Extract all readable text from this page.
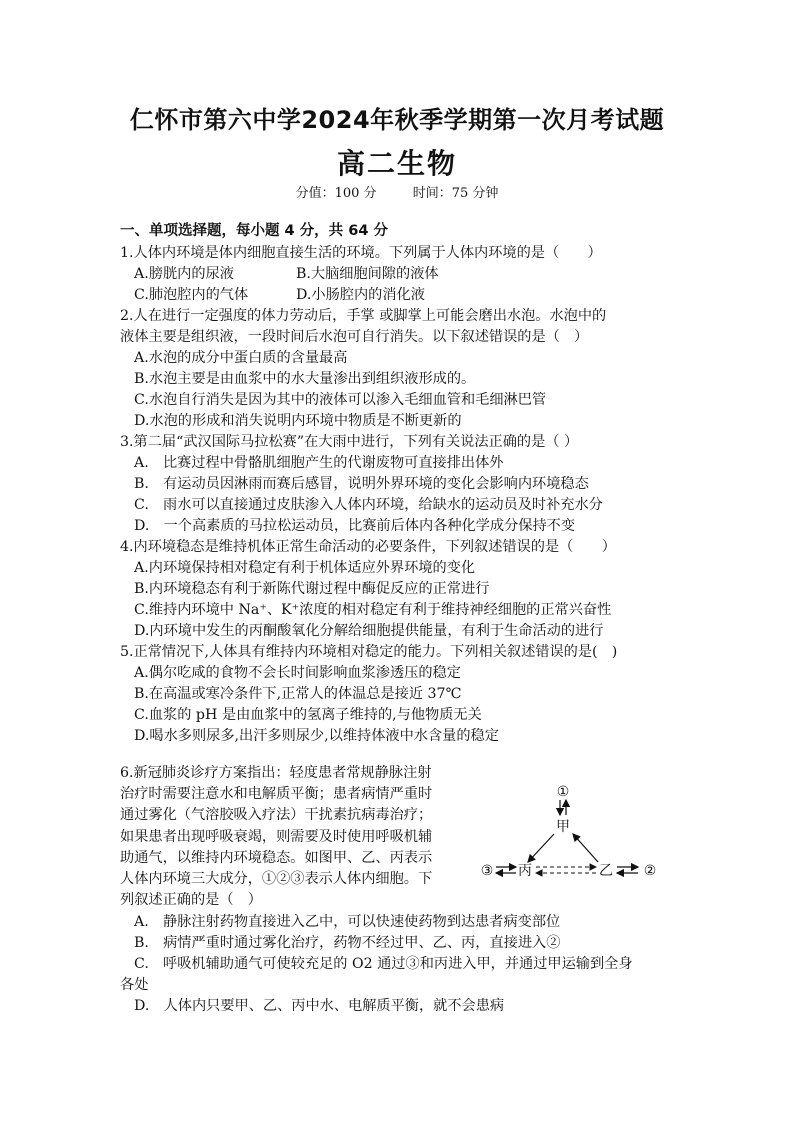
仁怀市第六中学2024年秋季学期第一次月考试题
高二生物
分值：100 分	时间：75 分钟
一、单项选择题，每小题 4 分，共 64 分
1.人体内环境是体内细胞直接生活的环境。下列属于人体内环境的是（　　）
A.膀胱内的尿液	B.大脑细胞间隙的液体
C.肺泡腔内的气体	D.小肠腔内的消化液
2.人在进行一定强度的体力劳动后，手掌 或脚掌上可能会磨出水泡。水泡中的
液体主要是组织液，一段时间后水泡可自行消失。以下叙述错误的是（　）
A.水泡的成分中蛋白质的含量最高
B.水泡主要是由血浆中的水大量渗出到组织液形成的。
C.水泡自行消失是因为其中的液体可以渗入毛细血管和毛细淋巴管
D.水泡的形成和消失说明内环境中物质是不断更新的
3.第二届“武汉国际马拉松赛”在大雨中进行，下列有关说法正确的是（ ）
A.　比赛过程中骨骼肌细胞产生的代谢废物可直接排出体外
B.　有运动员因淋雨而赛后感冒，说明外界环境的变化会影响内环境稳态
C.　雨水可以直接通过皮肤渗入人体内环境，给缺水的运动员及时补充水分
D.　一个高素质的马拉松运动员，比赛前后体内各种化学成分保持不变
4.内环境稳态是维持机体正常生命活动的必要条件，下列叙述错误的是（　　）
A.内环境保持相对稳定有利于机体适应外界环境的变化
B.内环境稳态有利于新陈代谢过程中酶促反应的正常进行
C.维持内环境中 Na⁺、K⁺浓度的相对稳定有利于维持神经细胞的正常兴奋性
D.内环境中发生的丙酮酸氧化分解给细胞提供能量，有利于生命活动的进行
5.正常情况下,人体具有维持内环境相对稳定的能力。下列相关叙述错误的是(　)
A.偶尔吃咸的食物不会长时间影响血浆渗透压的稳定
B.在高温或寒冷条件下,正常人的体温总是接近 37℃
C.血浆的 pH 是由血浆中的氢离子维持的,与他物质无关
D.喝水多则尿多,出汗多则尿少,以维持体液中水含量的稳定
6.新冠肺炎诊疗方案指出：轻度患者常规静脉注射
治疗时需要注意水和电解质平衡；患者病情严重时
通过雾化（气溶胶吸入疗法）干扰素抗病毒治疗；
如果患者出现呼吸衰竭，则需要及时使用呼吸机辅
助通气，以维持内环境稳态。如图甲、乙、丙表示
人体内环境三大成分，①②③表示人体内细胞。下
列叙述正确的是（　）
①
甲
③ 丙	乙 ②
A.　静脉注射药物直接进入乙中，可以快速使药物到达患者病变部位
B.　病情严重时通过雾化治疗，药物不经过甲、乙、丙，直接进入②
C.　呼吸机辅助通气可使较充足的 O2 通过③和丙进入甲，并通过甲运输到全身
各处
D.　人体内只要甲、乙、丙中水、电解质平衡，就不会患病
